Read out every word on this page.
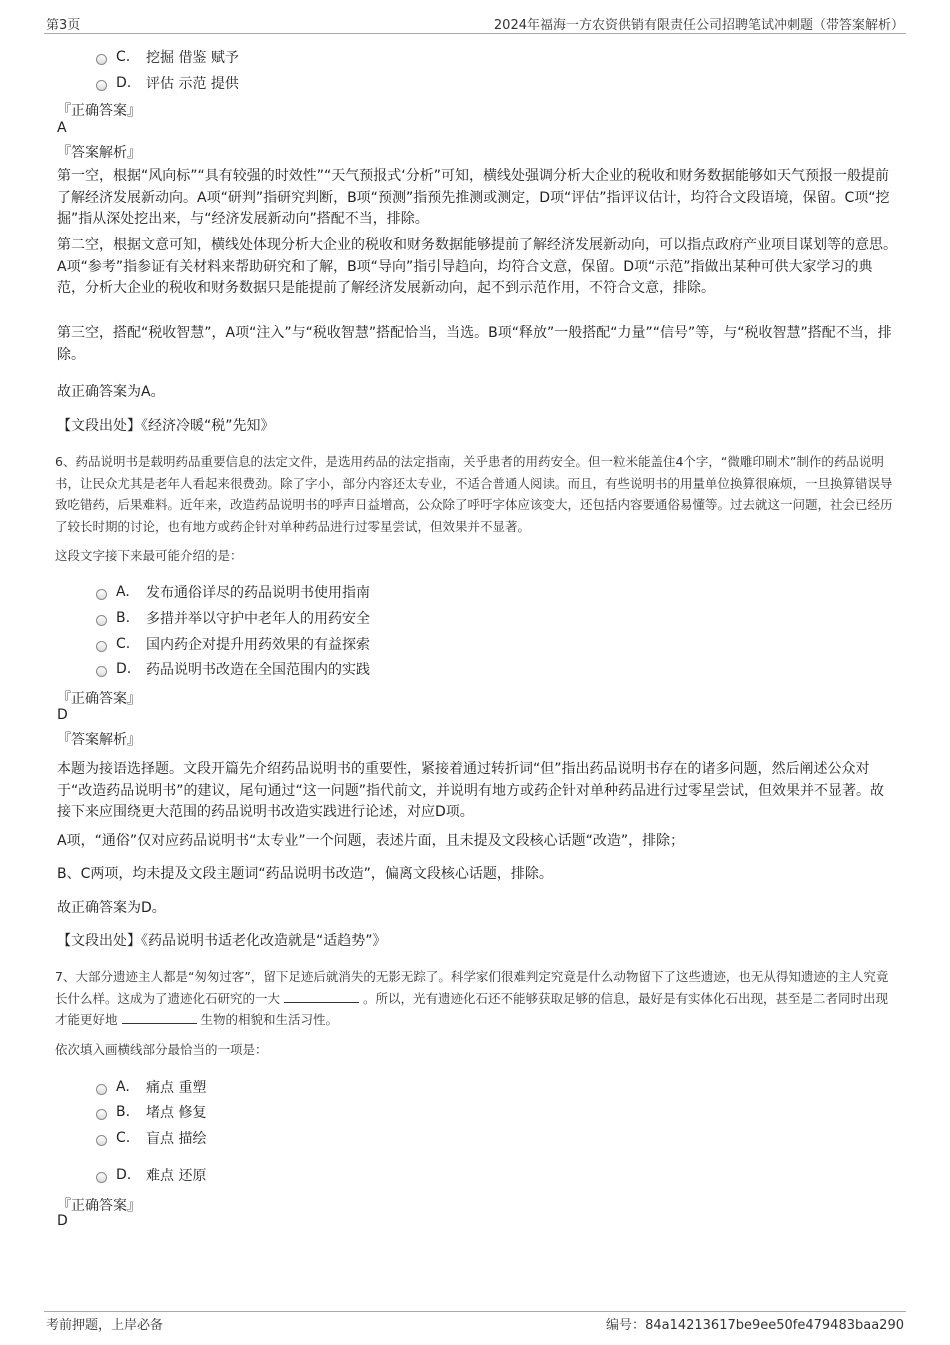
第3页	2024年福海一方农资供销有限责任公司招聘笔试冲刺题（带答案解析）
C.	挖掘 借鉴 赋予
D.	评估 示范 提供
『正确答案』
A
『答案解析』
第一空，根据“风向标”“具有较强的时效性”“天气预报式‘分析”可知，横线处强调分析大企业的税收和财务数据能够如天气预报一般提前了解经济发展新动向。A项“研判”指研究判断，B项“预测”指预先推测或测定，D项“评估”指评议估计，均符合文段语境，保留。C项“挖掘”指从深处挖出来，与“经济发展新动向”搭配不当，排除。
第二空，根据文意可知，横线处体现分析大企业的税收和财务数据能够提前了解经济发展新动向，可以指点政府产业项目谋划等的意思。A项“参考”指参证有关材料来帮助研究和了解，B项“导向”指引导趋向，均符合文意，保留。D项“示范”指做出某种可供大家学习的典范，分析大企业的税收和财务数据只是能提前了解经济发展新动向，起不到示范作用，不符合文意，排除。
第三空，搭配“税收智慧”，A项“注入”与“税收智慧”搭配恰当，当选。B项“释放”一般搭配“力量”“信号”等，与“税收智慧”搭配不当，排除。
故正确答案为A。
【文段出处】《经济冷暖“税”先知》
6、药品说明书是载明药品重要信息的法定文件，是选用药品的法定指南，关乎患者的用药安全。但一粒米能盖住4个字，“微雕印刷术”制作的药品说明书，让民众尤其是老年人看起来很费劲。除了字小，部分内容还太专业，不适合普通人阅读。而且，有些说明书的用量单位换算很麻烦，一旦换算错误导致吃错药，后果难料。近年来，改造药品说明书的呼声日益增高，公众除了呼吁字体应该变大，还包括内容要通俗易懂等。过去就这一问题，社会已经历了较长时期的讨论，也有地方或药企针对单种药品进行过零星尝试，但效果并不显著。
这段文字接下来最可能介绍的是：
A.	发布通俗详尽的药品说明书使用指南
B.	多措并举以守护中老年人的用药安全
C.	国内药企对提升用药效果的有益探索
D.	药品说明书改造在全国范围内的实践
『正确答案』
D
『答案解析』
本题为接语选择题。文段开篇先介绍药品说明书的重要性，紧接着通过转折词“但”指出药品说明书存在的诸多问题，然后阐述公众对于“改造药品说明书”的建议，尾句通过“这一问题”指代前文，并说明有地方或药企针对单种药品进行过零星尝试，但效果并不显著。故接下来应围绕更大范围的药品说明书改造实践进行论述，对应D项。
A项，“通俗”仅对应药品说明书“太专业”一个问题，表述片面，且未提及文段核心话题“改造”，排除；
B、C两项，均未提及文段主题词“药品说明书改造”，偏离文段核心话题，排除。
故正确答案为D。
【文段出处】《药品说明书适老化改造就是“适趋势”》
7、大部分遗迹主人都是“匆匆过客”，留下足迹后就消失的无影无踪了。科学家们很难判定究竟是什么动物留下了这些遗迹，也无从得知遗迹的主人究竟长什么样。这成为了遗迹化石研究的一大	。所以，光有遗迹化石还不能够获取足够的信息，最好是有实体化石出现，甚至是二者同时出现才能更好地	生物的相貌和生活习性。
依次填入画横线部分最恰当的一项是：
A.	痛点 重塑
B.	堵点 修复
C.	盲点 描绘
D.	难点 还原
『正确答案』
D
考前押题，上岸必备	编号：84a14213617be9ee50fe479483baa290
